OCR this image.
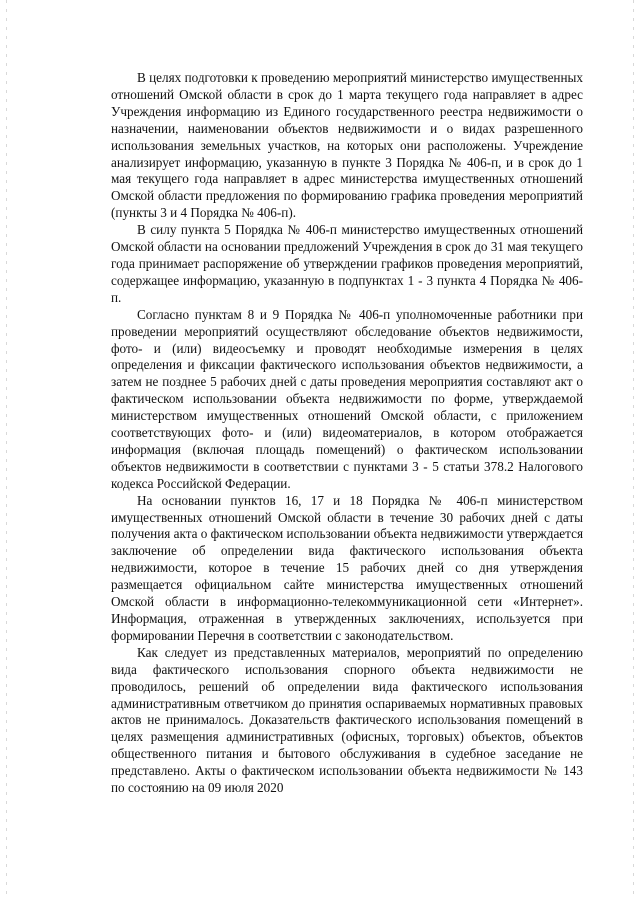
В целях подготовки к проведению мероприятий министерство имущественных отношений Омской области в срок до 1 марта текущего года направляет в адрес Учреждения информацию из Единого государственного реестра недвижимости о назначении, наименовании объектов недвижимости и о видах разрешенного использования земельных участков, на которых они расположены. Учреждение анализирует информацию, указанную в пункте 3 Порядка № 406-п, и в срок до 1 мая текущего года направляет в адрес министерства имущественных отношений Омской области предложения по формированию графика проведения мероприятий (пункты 3 и 4 Порядка № 406-п).

В силу пункта 5 Порядка № 406-п министерство имущественных отношений Омской области на основании предложений Учреждения в срок до 31 мая текущего года принимает распоряжение об утверждении графиков проведения мероприятий, содержащее информацию, указанную в подпунктах 1 - 3 пункта 4 Порядка № 406-п.

Согласно пунктам 8 и 9 Порядка № 406-п уполномоченные работники при проведении мероприятий осуществляют обследование объектов недвижимости, фото- и (или) видеосъемку и проводят необходимые измерения в целях определения и фиксации фактического использования объектов недвижимости, а затем не позднее 5 рабочих дней с даты проведения мероприятия составляют акт о фактическом использовании объекта недвижимости по форме, утверждаемой министерством имущественных отношений Омской области, с приложением соответствующих фото- и (или) видеоматериалов, в котором отображается информация (включая площадь помещений) о фактическом использовании объектов недвижимости в соответствии с пунктами 3 - 5 статьи 378.2 Налогового кодекса Российской Федерации.

На основании пунктов 16, 17 и 18 Порядка № 406-п министерством имущественных отношений Омской области в течение 30 рабочих дней с даты получения акта о фактическом использовании объекта недвижимости утверждается заключение об определении вида фактического использования объекта недвижимости, которое в течение 15 рабочих дней со дня утверждения размещается официальном сайте министерства имущественных отношений Омской области в информационно-телекоммуникационной сети «Интернет». Информация, отраженная в утвержденных заключениях, используется при формировании Перечня в соответствии с законодательством.

Как следует из представленных материалов, мероприятий по определению вида фактического использования спорного объекта недвижимости не проводилось, решений об определении вида фактического использования административным ответчиком до принятия оспариваемых нормативных правовых актов не принималось. Доказательств фактического использования помещений в целях размещения административных (офисных, торговых) объектов, объектов общественного питания и бытового обслуживания в судебное заседание не представлено. Акты о фактическом использовании объекта недвижимости № 143 по состоянию на 09 июля 2020
